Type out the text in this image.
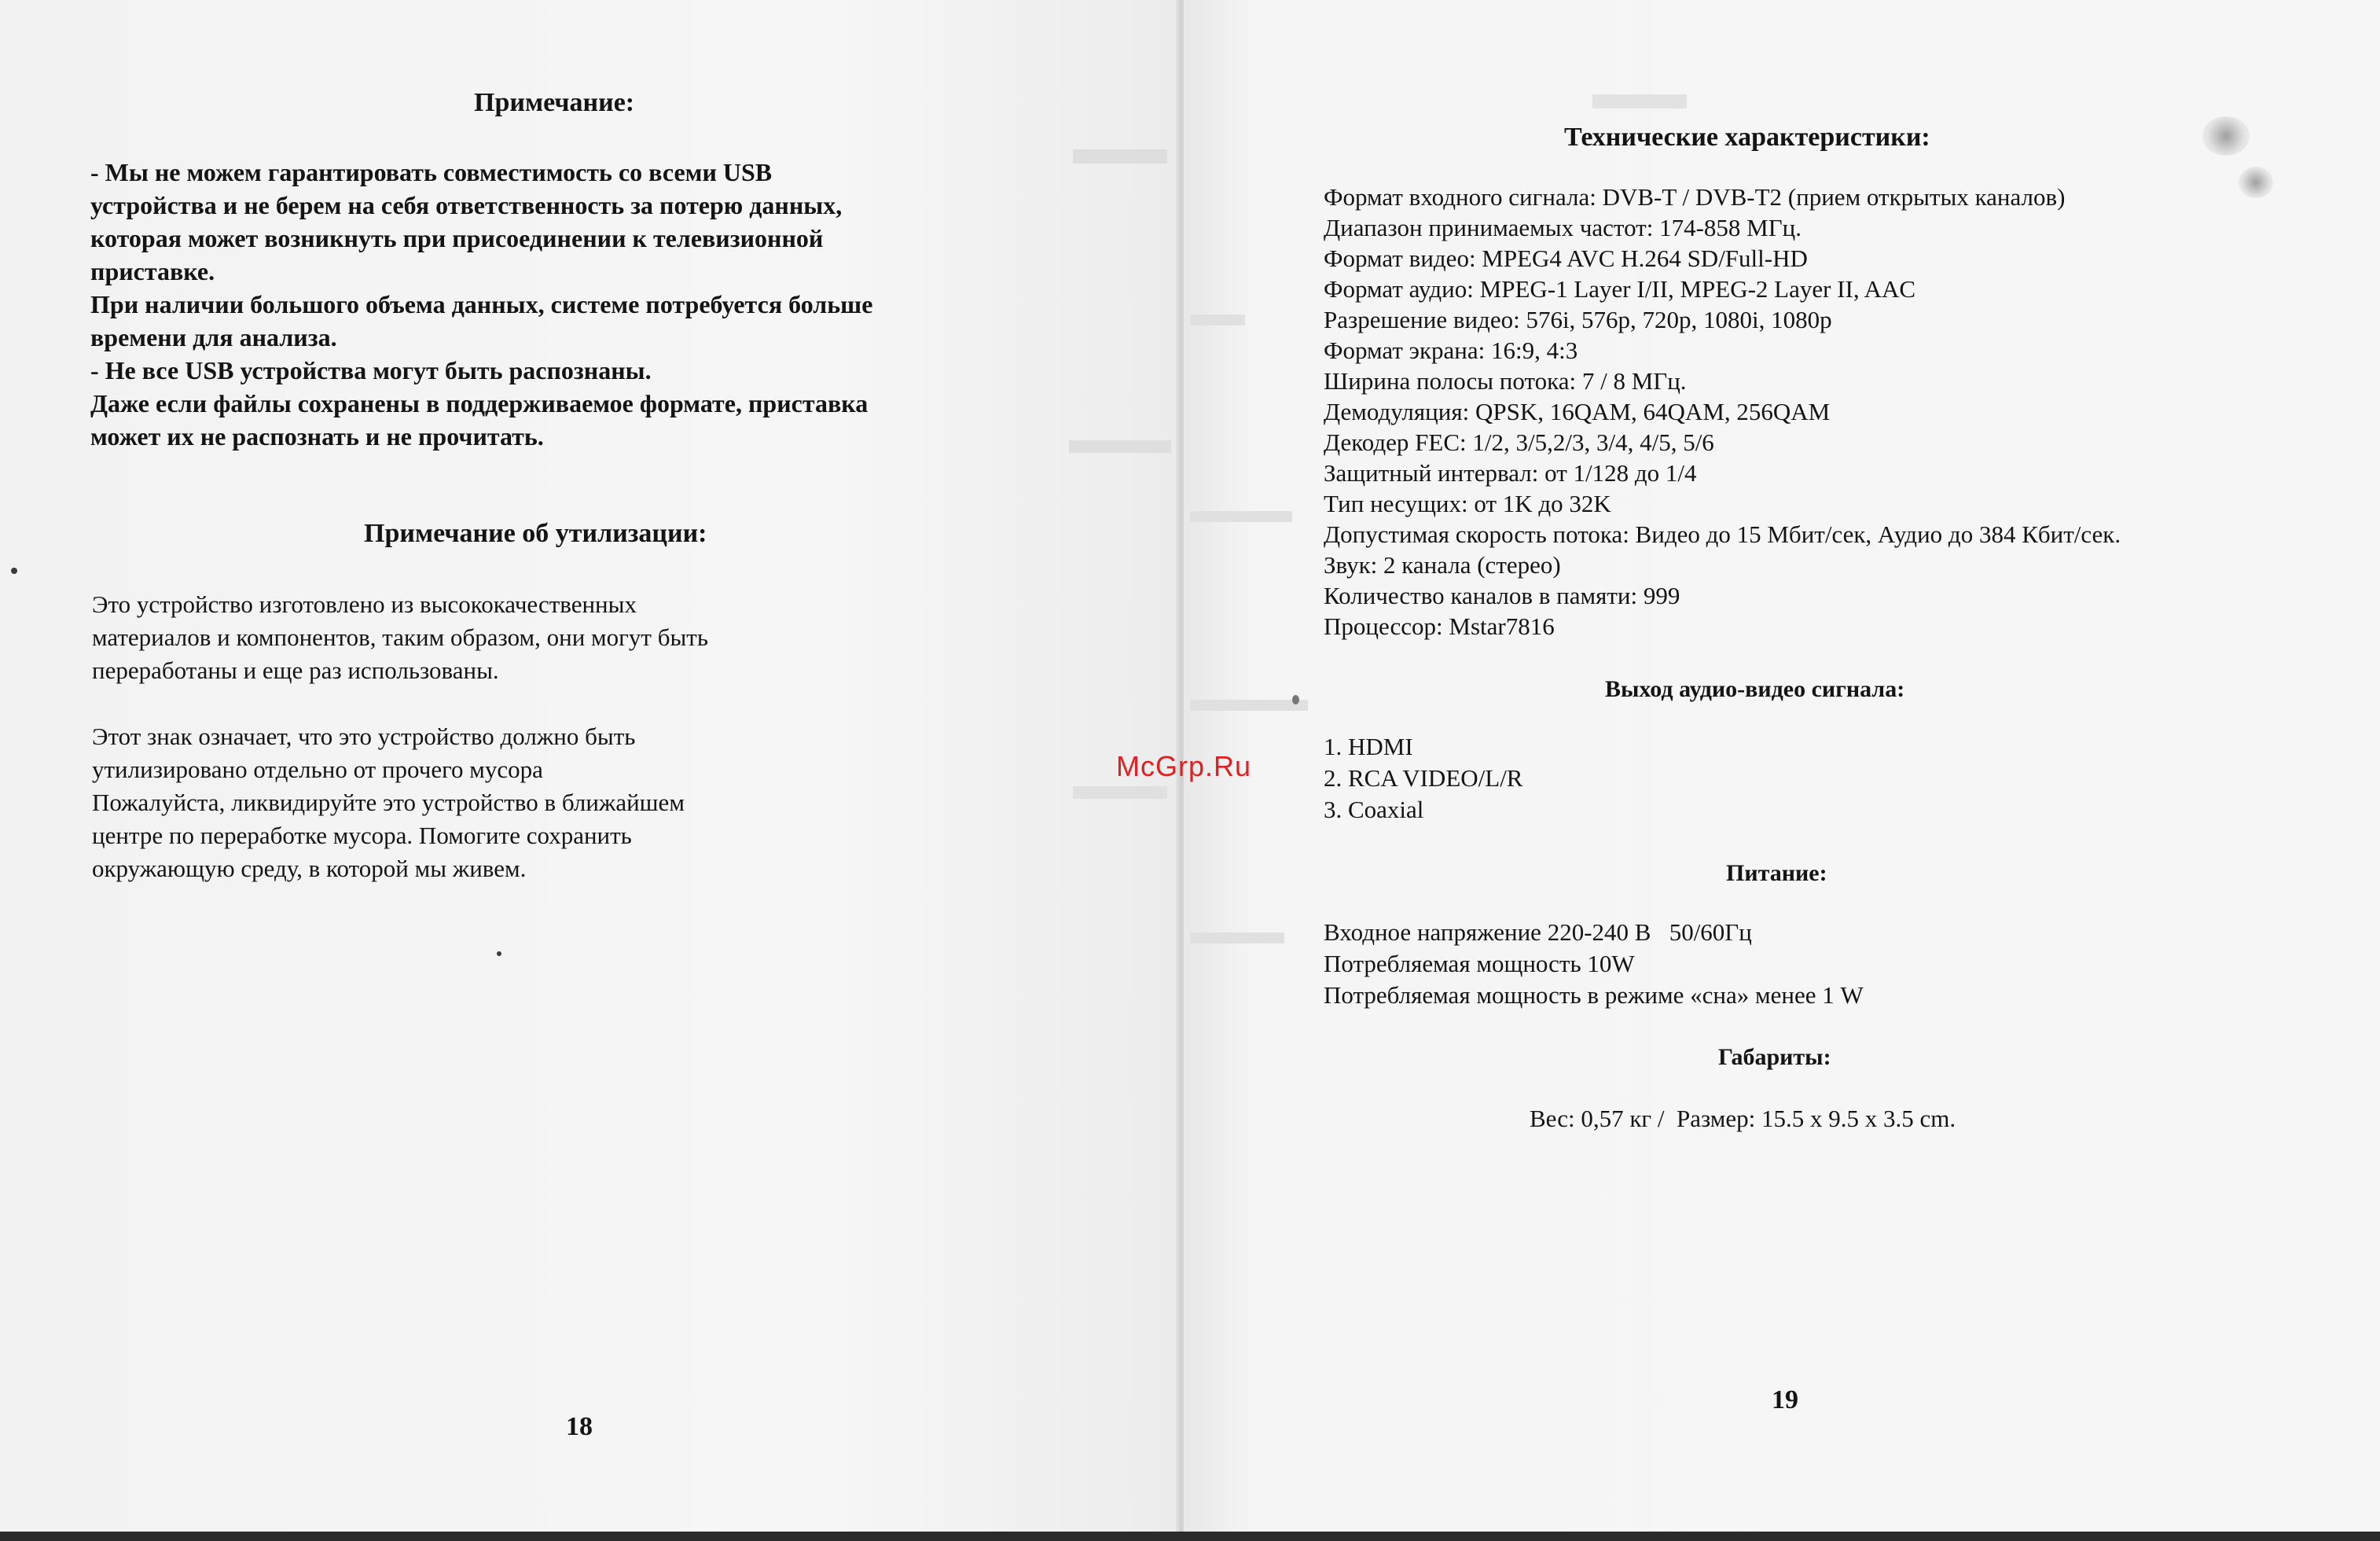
Примечание:
- Мы не можем гарантировать совместимость со всеми USB
устройства и не берем на себя ответственность за потерю данных,
которая может возникнуть при присоединении к телевизионной
приставке.
При наличии большого объема данных, системе потребуется больше
времени для анализа.
- Не все USB устройства могут быть распознаны.
Даже если файлы сохранены в поддерживаемое формате, приставка
может их не распознать и не прочитать.
Примечание об утилизации:
Это устройство изготовлено из высококачественных
материалов и компонентов, таким образом, они могут быть
переработаны и еще раз использованы.
Этот знак означает, что это устройство должно быть
утилизировано отдельно от прочего мусора
Пожалуйста, ликвидируйте это устройство в ближайшем
центре по переработке мусора. Помогите сохранить
окружающую среду, в которой мы живем.
18
Технические характеристики:
Формат входного сигнала: DVB-T / DVB-T2 (прием открытых каналов)
Диапазон принимаемых частот: 174-858 МГц.
Формат видео: MPEG4 AVC H.264 SD/Full-HD
Формат аудио: MPEG-1 Layer I/II, MPEG-2 Layer II, AAC
Разрешение видео: 576i, 576p, 720p, 1080i, 1080p
Формат экрана: 16:9, 4:3
Ширина полосы потока: 7 / 8 МГц.
Демодуляция: QPSK, 16QAM, 64QAM, 256QAM
Декодер FEC: 1/2, 3/5,2/3, 3/4, 4/5, 5/6
Защитный интервал: от 1/128 до 1/4
Тип несущих: от 1K до 32K
Допустимая скорость потока: Видео до 15 Мбит/сек, Аудио до 384 Кбит/сек.
Звук: 2 канала (стерео)
Количество каналов в памяти: 999
Процессор: Mstar7816
Выход аудио-видео сигнала:
1. HDMI
2. RCA VIDEO/L/R
3. Coaxial
Питание:
Входное напряжение 220-240 В   50/60Гц
Потребляемая мощность 10W
Потребляемая мощность в режиме «сна» менее 1 W
Габариты:
Вес: 0,57 кг /  Размер: 15.5 x 9.5 x 3.5 cm.
19
McGrp.Ru
